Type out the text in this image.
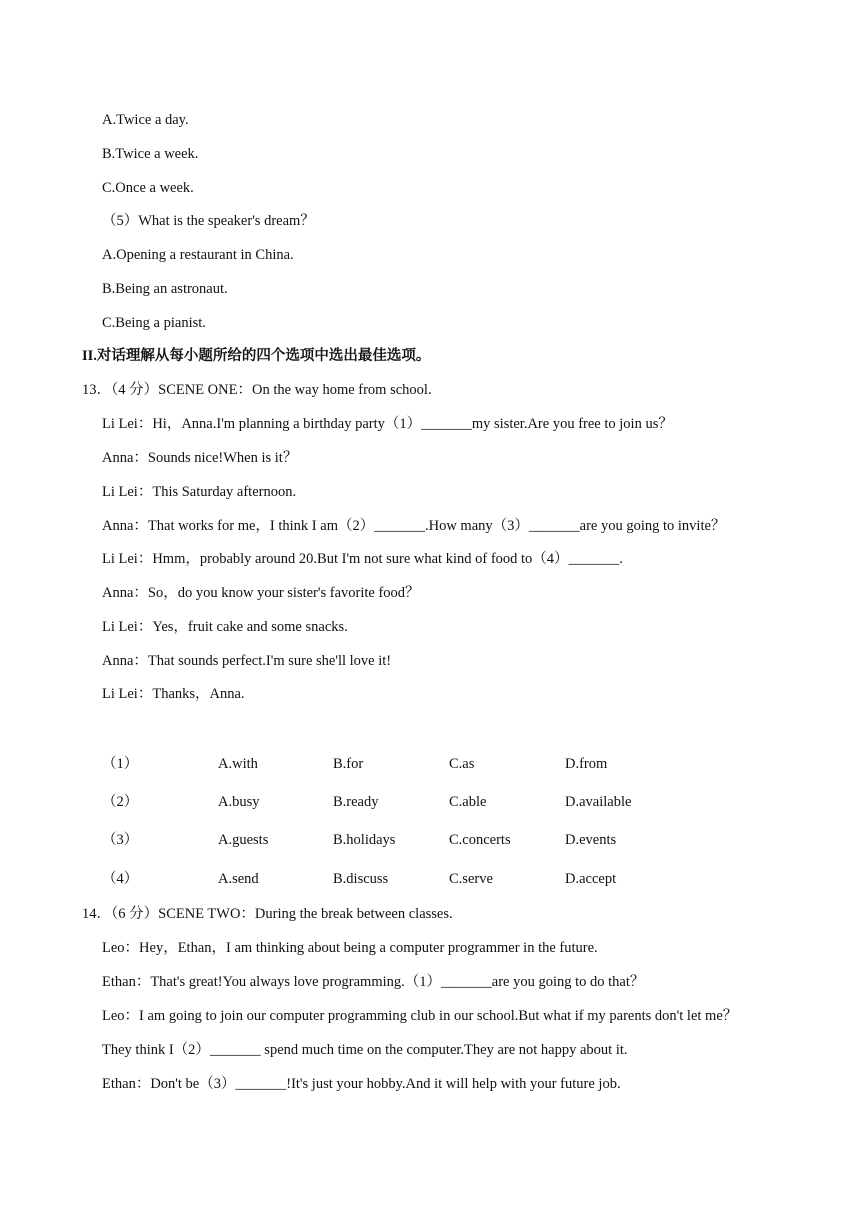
A.Twice a day.
B.Twice a week.
C.Once a week.
（5）What is the speaker's dream？
A.Opening a restaurant in China.
B.Being an astronaut.
C.Being a pianist.
II.对话理解从每小题所给的四个选项中选出最佳选项。
13．（4 分）SCENE ONE：On the way home from school.
Li Lei：Hi，Anna.I'm planning a birthday party（1）_______my sister.Are you free to join us？
Anna：Sounds nice!When is it？
Li Lei：This Saturday afternoon.
Anna：That works for me，I think I am（2）_______.How many（3）_______are you going to invite？
Li Lei：Hmm，probably around 20.But I'm not sure what kind of food to（4）_______.
Anna：So，do you know your sister's favorite food？
Li Lei：Yes，fruit cake and some snacks.
Anna：That sounds perfect.I'm sure she'll love it!
Li Lei：Thanks，Anna.
（1）	A.with	B.for	C.as	D.from
（2）	A.busy	B.ready	C.able	D.available
（3）	A.guests	B.holidays	C.concerts	D.events
（4）	A.send	B.discuss	C.serve	D.accept
14．（6 分）SCENE TWO：During the break between classes.
Leo：Hey，Ethan，I am thinking about being a computer programmer in the future.
Ethan：That's great!You always love programming.（1）_______are you going to do that？
Leo：I am going to join our computer programming club in our school.But what if my parents don't let me？
They think I（2）_______ spend much time on the computer.They are not happy about it.
Ethan：Don't be（3）_______!It's just your hobby.And it will help with your future job.
